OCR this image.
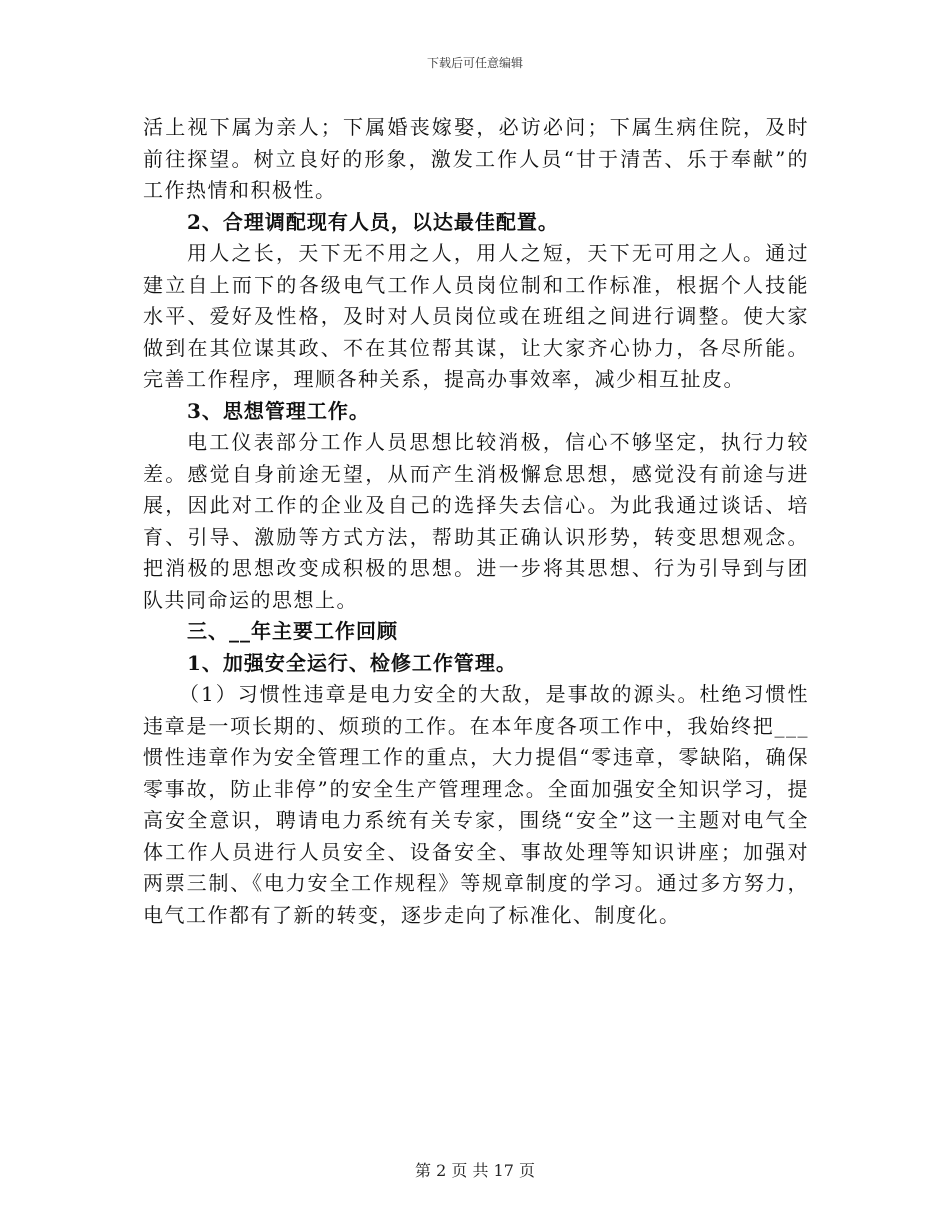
下载后可任意编辑

活上视下属为亲人；下属婚丧嫁娶，必访必问；下属生病住院，及时前往探望。树立良好的形象，激发工作人员“甘于清苦、乐于奉献”的工作热情和积极性。

2、合理调配现有人员，以达最佳配置。

用人之长，天下无不用之人，用人之短，天下无可用之人。通过建立自上而下的各级电气工作人员岗位制和工作标准，根据个人技能水平、爱好及性格，及时对人员岗位或在班组之间进行调整。使大家做到在其位谋其政、不在其位帮其谋，让大家齐心协力，各尽所能。完善工作程序，理顺各种关系，提高办事效率，减少相互扯皮。

3、思想管理工作。

电工仪表部分工作人员思想比较消极，信心不够坚定，执行力较差。感觉自身前途无望，从而产生消极懈怠思想，感觉没有前途与进展，因此对工作的企业及自己的选择失去信心。为此我通过谈话、培育、引导、激励等方式方法，帮助其正确认识形势，转变思想观念。把消极的思想改变成积极的思想。进一步将其思想、行为引导到与团队共同命运的思想上。

三、__年主要工作回顾

1、加强安全运行、检修工作管理。

（1）习惯性违章是电力安全的大敌，是事故的源头。杜绝习惯性违章是一项长期的、烦琐的工作。在本年度各项工作中，我始终把___惯性违章作为安全管理工作的重点，大力提倡“零违章，零缺陷，确保零事故，防止非停”的安全生产管理理念。全面加强安全知识学习，提高安全意识，聘请电力系统有关专家，围绕“安全”这一主题对电气全体工作人员进行人员安全、设备安全、事故处理等知识讲座；加强对两票三制、《电力安全工作规程》等规章制度的学习。通过多方努力，电气工作都有了新的转变，逐步走向了标准化、制度化。

第 2 页 共 17 页
